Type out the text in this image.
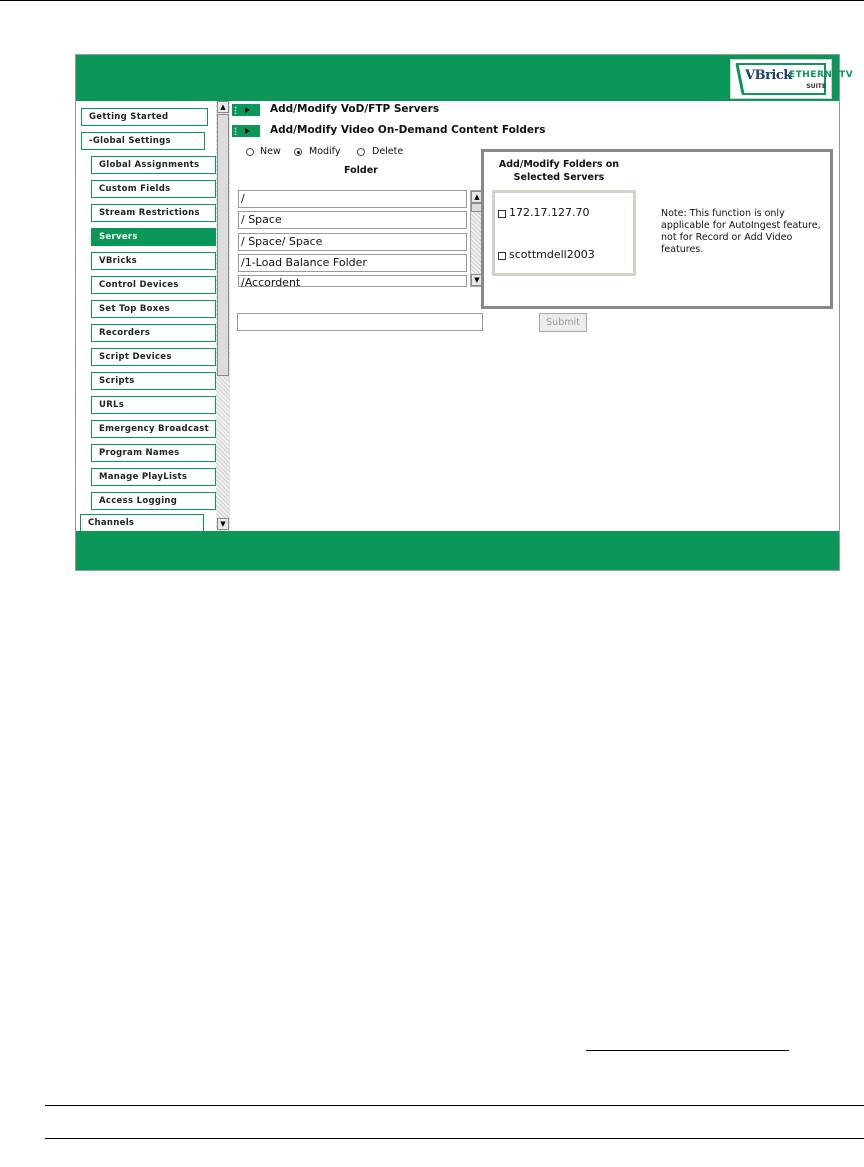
VBrick
ETHERNETV
SUITE
Getting Started
-Global Settings
Global Assignments
Custom Fields
Stream Restrictions
Servers
VBricks
Control Devices
Set Top Boxes
Recorders
Script Devices
Scripts
URLs
Emergency Broadcast
Program Names
Manage PlayLists
Access Logging
Channels
▲
▼
Add/Modify VoD/FTP Servers
Add/Modify Video On-Demand Content Folders
New	Modify	Delete
Folder
/
/ Space
/ Space/ Space
/1-Load Balance Folder
/Accordent
▲
▼
Add/Modify Folders on
Selected Servers
172.17.127.70
scottmdell2003
Note: This function is only applicable for AutoIngest feature, not for Record or Add Video features.
Submit
